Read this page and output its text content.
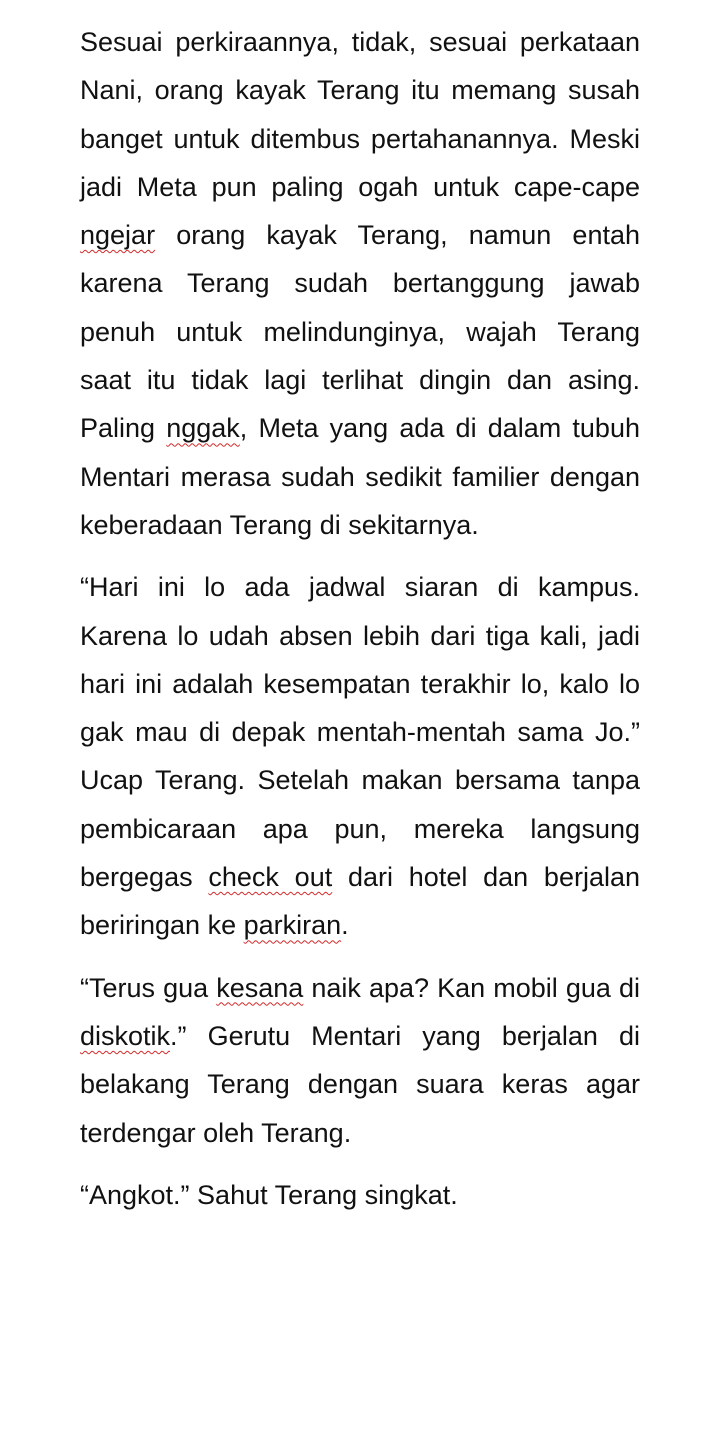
Sesuai perkiraannya, tidak, sesuai perkataan Nani, orang kayak Terang itu memang susah banget untuk ditembus pertahanannya. Meski jadi Meta pun paling ogah untuk cape-cape ngejar orang kayak Terang, namun entah karena Terang sudah bertanggung jawab penuh untuk melindunginya, wajah Terang saat itu tidak lagi terlihat dingin dan asing. Paling nggak, Meta yang ada di dalam tubuh Mentari merasa sudah sedikit familier dengan keberadaan Terang di sekitarnya.

“Hari ini lo ada jadwal siaran di kampus. Karena lo udah absen lebih dari tiga kali, jadi hari ini adalah kesempatan terakhir lo, kalo lo gak mau di depak mentah-mentah sama Jo.” Ucap Terang. Setelah makan bersama tanpa pembicaraan apa pun, mereka langsung bergegas check out dari hotel dan berjalan beriringan ke parkiran.

“Terus gua kesana naik apa? Kan mobil gua di diskotik.” Gerutu Mentari yang berjalan di belakang Terang dengan suara keras agar terdengar oleh Terang.

“Angkot.” Sahut Terang singkat.
